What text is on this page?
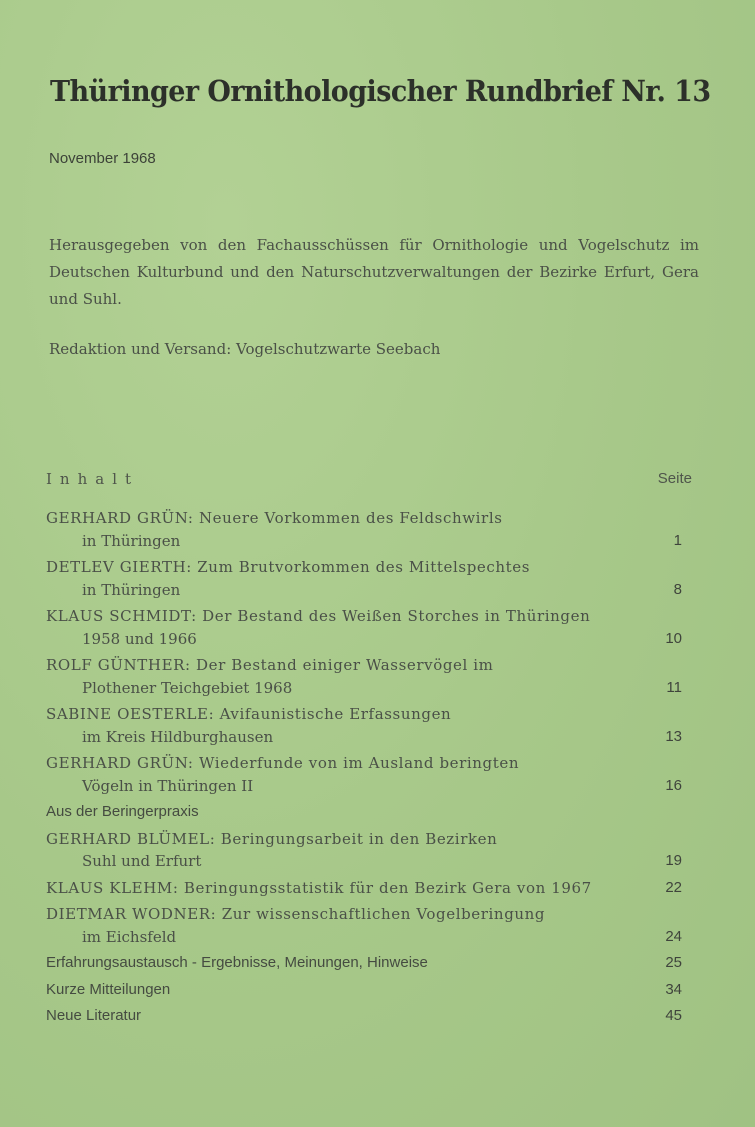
Thüringer Ornithologischer Rundbrief Nr. 13
November 1968
Herausgegeben von den Fachausschüssen für Ornithologie und Vogelschutz im Deutschen Kulturbund und den Naturschutzverwaltungen der Bezirke Erfurt, Gera und Suhl.
Redaktion und Versand: Vogelschutzwarte Seebach
Inhalt	Seite
GERHARD GRÜN: Neuere Vorkommen des Feldschwirls
in Thüringen	1
DETLEV GIERTH: Zum Brutvorkommen des Mittelspechtes
in Thüringen	8
KLAUS SCHMIDT: Der Bestand des Weißen Storches in Thüringen
1958 und 1966	10
ROLF GÜNTHER: Der Bestand einiger Wasservögel im
Plothener Teichgebiet 1968	11
SABINE OESTERLE: Avifaunistische Erfassungen
im Kreis Hildburghausen	13
GERHARD GRÜN: Wiederfunde von im Ausland beringten
Vögeln in Thüringen II	16
Aus der Beringerpraxis
GERHARD BLÜMEL: Beringungsarbeit in den Bezirken
Suhl und Erfurt	19
KLAUS KLEHM: Beringungsstatistik für den Bezirk Gera von 1967	22
DIETMAR WODNER: Zur wissenschaftlichen Vogelberingung
im Eichsfeld	24
Erfahrungsaustausch - Ergebnisse, Meinungen, Hinweise	25
Kurze Mitteilungen	34
Neue Literatur	45
